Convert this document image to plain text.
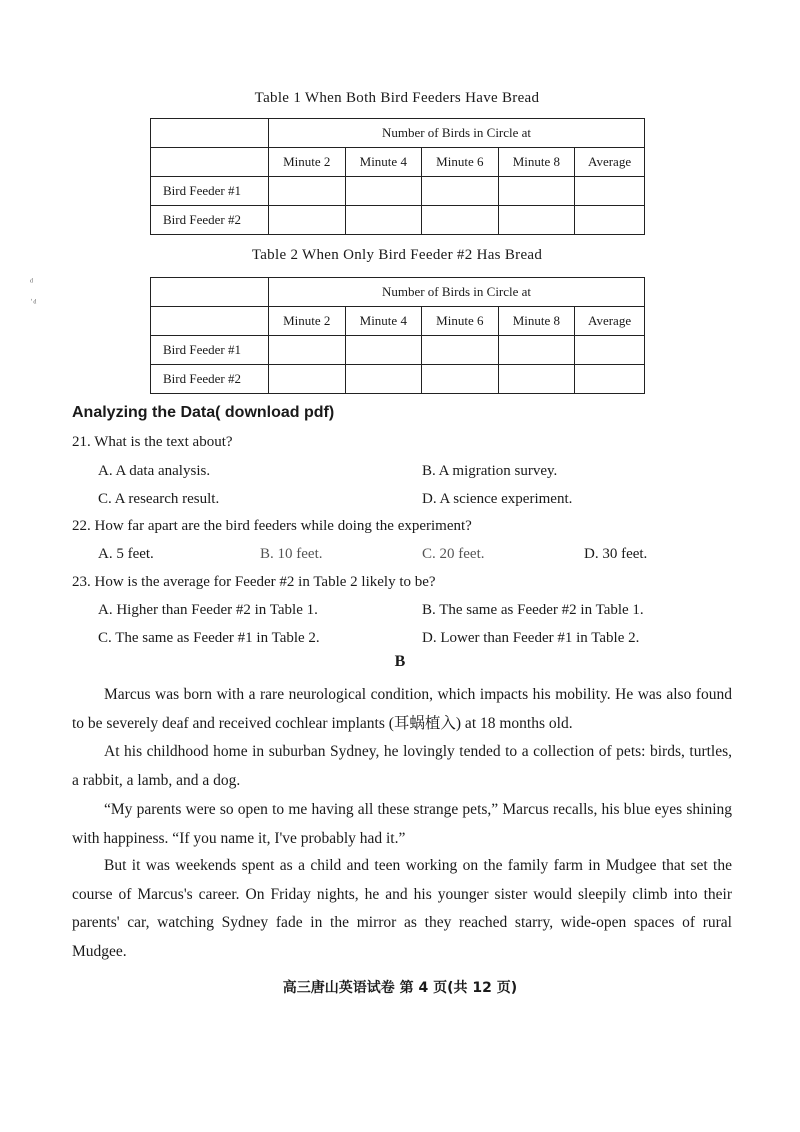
Table 1 When Both Bird Feeders Have Bread
	Number of Birds in Circle at				
	Minute 2	Minute 4	Minute 6	Minute 8	Average
Bird Feeder #1					
Bird Feeder #2					
Table 2 When Only Bird Feeder #2 Has Bread
	Number of Birds in Circle at				
	Minute 2	Minute 4	Minute 6	Minute 8	Average
Bird Feeder #1					
Bird Feeder #2					
ᵈ
ˈᵈ
Analyzing the Data( download pdf)
21. What is the text about?
A. A data analysis.	B. A migration survey.
C. A research result.	D. A science experiment.
22. How far apart are the bird feeders while doing the experiment?
A. 5 feet.	B. 10 feet.	C. 20 feet.	D. 30 feet.
23. How is the average for Feeder #2 in Table 2 likely to be?
A. Higher than Feeder #2 in Table 1.	B. The same as Feeder #2 in Table 1.
C. The same as Feeder #1 in Table 2.	D. Lower than Feeder #1 in Table 2.
B
Marcus was born with a rare neurological condition, which impacts his mobility. He was also found to be severely deaf and received cochlear implants (耳蜗植入) at 18 months old.
At his childhood home in suburban Sydney, he lovingly tended to a collection of pets: birds, turtles, a rabbit, a lamb, and a dog.
“My parents were so open to me having all these strange pets,” Marcus recalls, his blue eyes shining with happiness. “If you name it, I've probably had it.”
But it was weekends spent as a child and teen working on the family farm in Mudgee that set the course of Marcus's career. On Friday nights, he and his younger sister would sleepily climb into their parents' car, watching Sydney fade in the mirror as they reached starry, wide-open spaces of rural Mudgee.
高三唐山英语试卷 第 4 页(共 12 页)
